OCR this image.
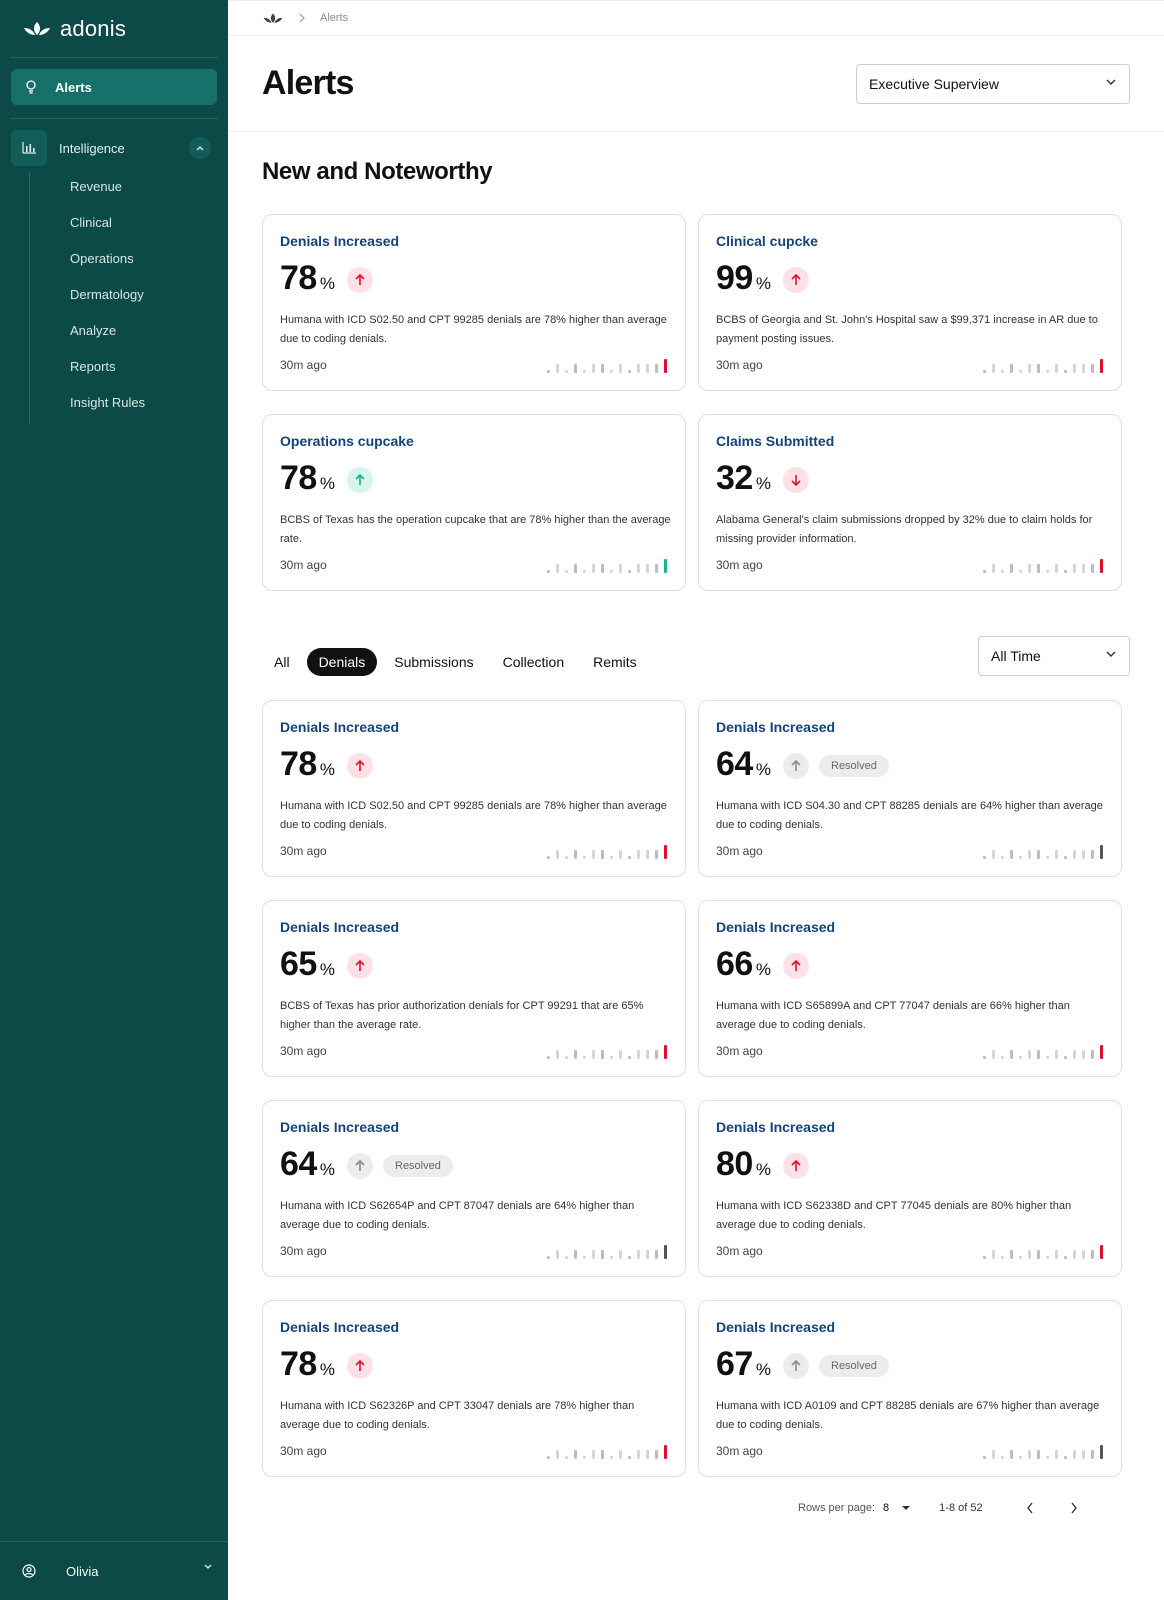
adonis
Alerts
Intelligence
Revenue
Clinical
Operations
Dermatology
Analyze
Reports
Insight Rules
Olivia
Alerts
Alerts	Executive Superview
New and Noteworthy
Denials Increased
78 %
Humana with ICD S02.50 and CPT 99285 denials are 78% higher than average due to coding denials.
30m ago
Clinical cupcke
99 %
BCBS of Georgia and St. John's Hospital saw a $99,371 increase in AR due to payment posting issues.
30m ago
Operations cupcake
78 %
BCBS of Texas has the operation cupcake that are 78% higher than the average rate.
30m ago
Claims Submitted
32 %
Alabama General's claim submissions dropped by 32% due to claim holds for missing provider information.
30m ago
All	Denials	Submissions	Collection	Remits	All Time
Denials Increased
78 %
Humana with ICD S02.50 and CPT 99285 denials are 78% higher than average due to coding denials.
30m ago
Denials Increased
64 %	Resolved
Humana with ICD S04.30 and CPT 88285 denials are 64% higher than average due to coding denials.
30m ago
Denials Increased
65 %
BCBS of Texas has prior authorization denials for CPT 99291 that are 65% higher than the average rate.
30m ago
Denials Increased
66 %
Humana with ICD S65899A and CPT 77047 denials are 66% higher than average due to coding denials.
30m ago
Denials Increased
64 %	Resolved
Humana with ICD S62654P and CPT 87047 denials are 64% higher than average due to coding denials.
30m ago
Denials Increased
80 %
Humana with ICD S62338D and CPT 77045 denials are 80% higher than average due to coding denials.
30m ago
Denials Increased
78 %
Humana with ICD S62326P and CPT 33047 denials are 78% higher than average due to coding denials.
30m ago
Denials Increased
67 %	Resolved
Humana with ICD A0109 and CPT 88285 denials are 67% higher than average due to coding denials.
30m ago
Rows per page: 8	1-8 of 52
